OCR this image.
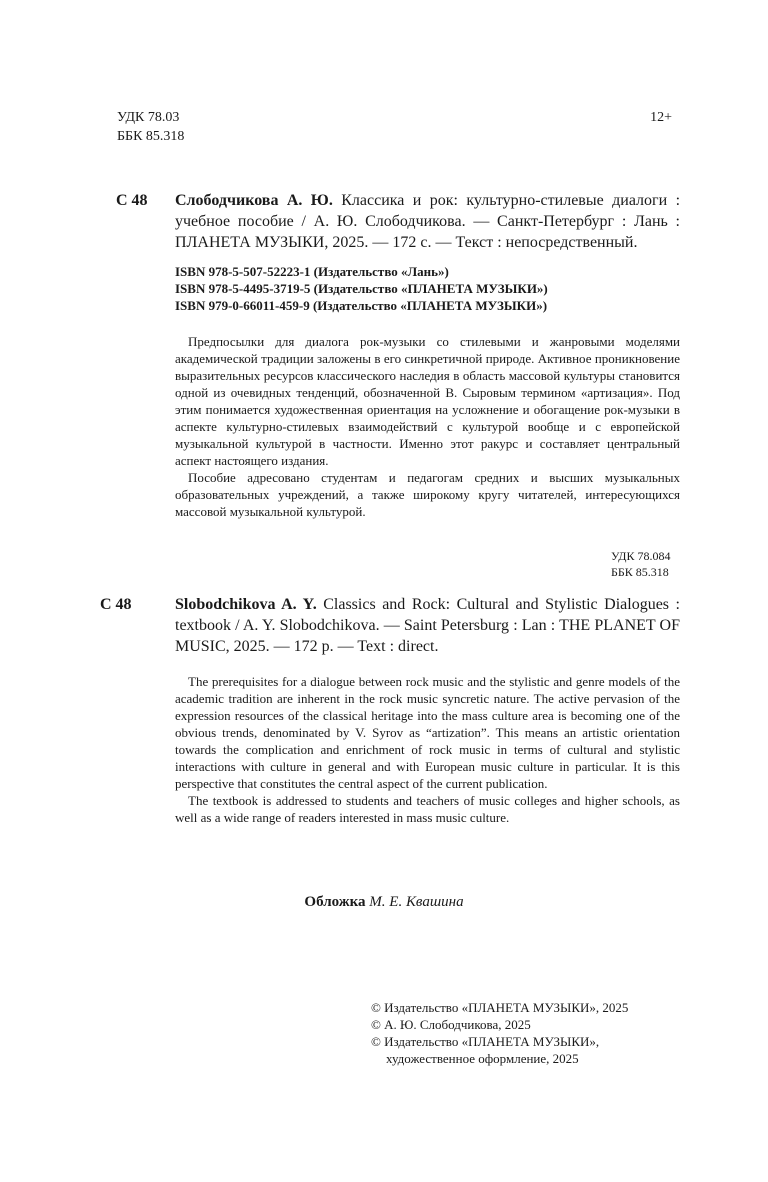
УДК 78.03
ББК 85.318
12+
С 48 Слободчикова А. Ю. Классика и рок: культурно-стилевые диалоги : учебное пособие / А. Ю. Слободчикова. — Санкт-Петербург : Лань : ПЛАНЕТА МУЗЫКИ, 2025. — 172 с. — Текст : непосредственный.
ISBN 978-5-507-52223-1 (Издательство «Лань»)
ISBN 978-5-4495-3719-5 (Издательство «ПЛАНЕТА МУЗЫКИ»)
ISBN 979-0-66011-459-9 (Издательство «ПЛАНЕТА МУЗЫКИ»)

Предпосылки для диалога рок-музыки со стилевыми и жанровыми моделями академической традиции заложены в его синкретичной природе. Активное проникновение выразительных ресурсов классического наследия в область массовой культуры становится одной из очевидных тенденций, обозначенной В. Сыровым термином «артизация». Под этим понимается художественная ориентация на усложнение и обогащение рок-музыки в аспекте культурно-стилевых взаимодействий с культурой вообще и с европейской музыкальной культурой в частности. Именно этот ракурс и составляет центральный аспект настоящего издания.

Пособие адресовано студентам и педагогам средних и высших музыкальных образовательных учреждений, а также широкому кругу читателей, интересующихся массовой музыкальной культурой.

УДК 78.084
ББК 85.318
С 48	Slobodchikova A. Y. Classics and Rock: Cultural and Stylistic Dialogues : textbook / A. Y. Slobodchikova. — Saint Petersburg : Lan : THE PLANET OF MUSIC, 2025. — 172 p. — Text : direct.

The prerequisites for a dialogue between rock music and the stylistic and genre models of the academic tradition are inherent in the rock music syncretic nature. The active pervasion of the expression resources of the classical heritage into the mass culture area is becoming one of the obvious trends, denominated by V. Syrov as “artization”. This means an artistic orientation towards the complication and enrichment of rock music in terms of cultural and stylistic interactions with culture in general and with European music culture in particular. It is this perspective that constitutes the central aspect of the current publication.

The textbook is addressed to students and teachers of music colleges and higher schools, as well as a wide range of readers interested in mass music culture.

Обложка М. Е. Квашина
© Издательство «ПЛАНЕТА МУЗЫКИ», 2025
© А. Ю. Слободчикова, 2025
© Издательство «ПЛАНЕТА МУЗЫКИ»,
художественное оформление, 2025
